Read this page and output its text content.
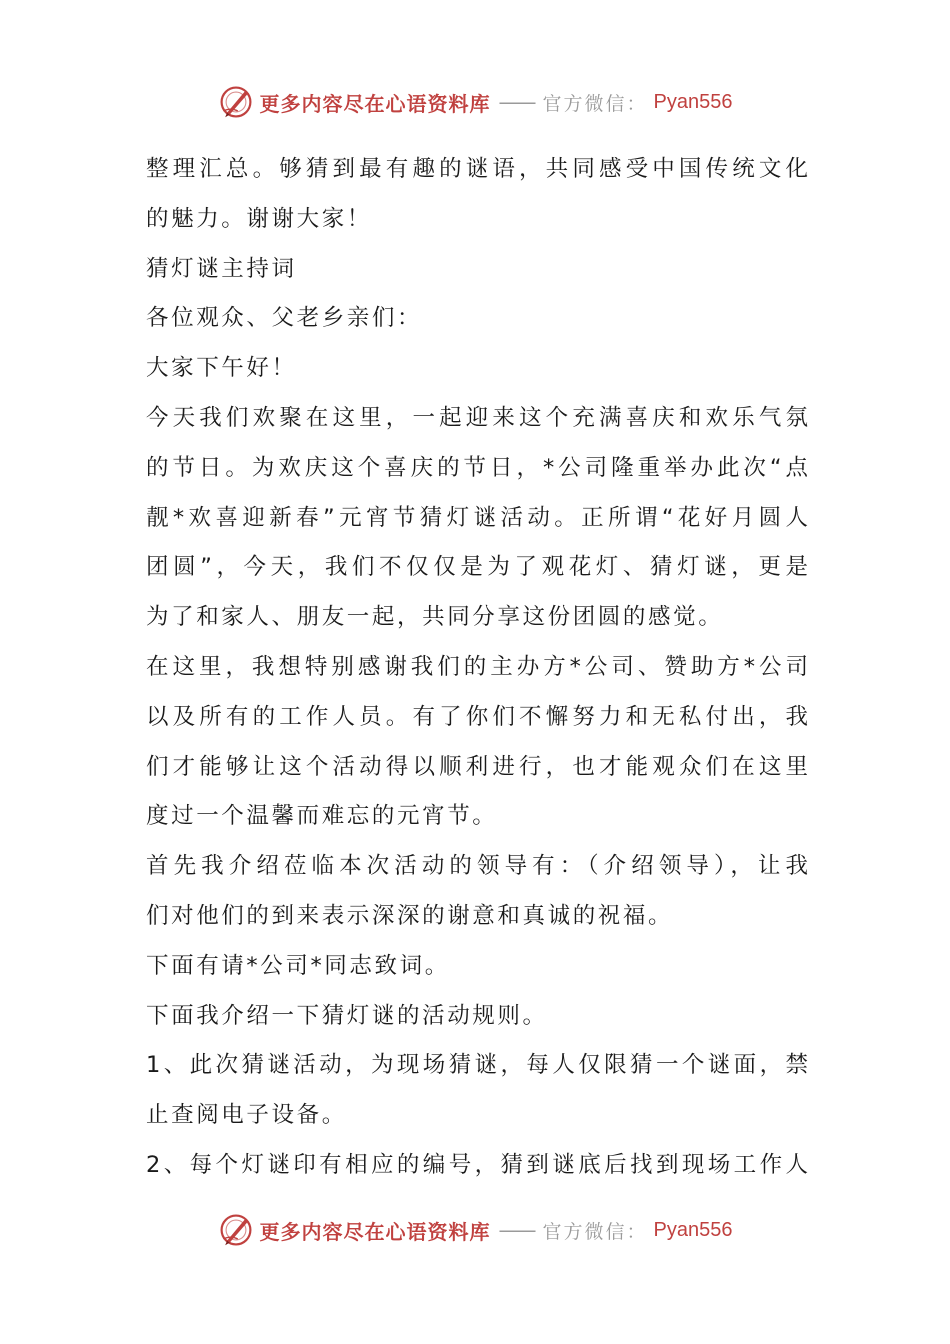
更多内容尽在心语资料库 —— 官方微信： Pyan556
整理汇总。够猜到最有趣的谜语，共同感受中国传统文化
的魅力。谢谢大家！
猜灯谜主持词
各位观众、父老乡亲们：
大家下午好！
今天我们欢聚在这里，一起迎来这个充满喜庆和欢乐气氛
的节日。为欢庆这个喜庆的节日，*公司隆重举办此次“点
靓*欢喜迎新春”元宵节猜灯谜活动。正所谓“花好月圆人
团圆”，今天，我们不仅仅是为了观花灯、猜灯谜，更是
为了和家人、朋友一起，共同分享这份团圆的感觉。
在这里，我想特别感谢我们的主办方*公司、赞助方*公司
以及所有的工作人员。有了你们不懈努力和无私付出，我
们才能够让这个活动得以顺利进行，也才能观众们在这里
度过一个温馨而难忘的元宵节。
首先我介绍莅临本次活动的领导有：（介绍领导），让我
们对他们的到来表示深深的谢意和真诚的祝福。
下面有请*公司*同志致词。
下面我介绍一下猜灯谜的活动规则。
1、此次猜谜活动，为现场猜谜，每人仅限猜一个谜面，禁
止查阅电子设备。
2、每个灯谜印有相应的编号，猜到谜底后找到现场工作人
更多内容尽在心语资料库 —— 官方微信： Pyan556
